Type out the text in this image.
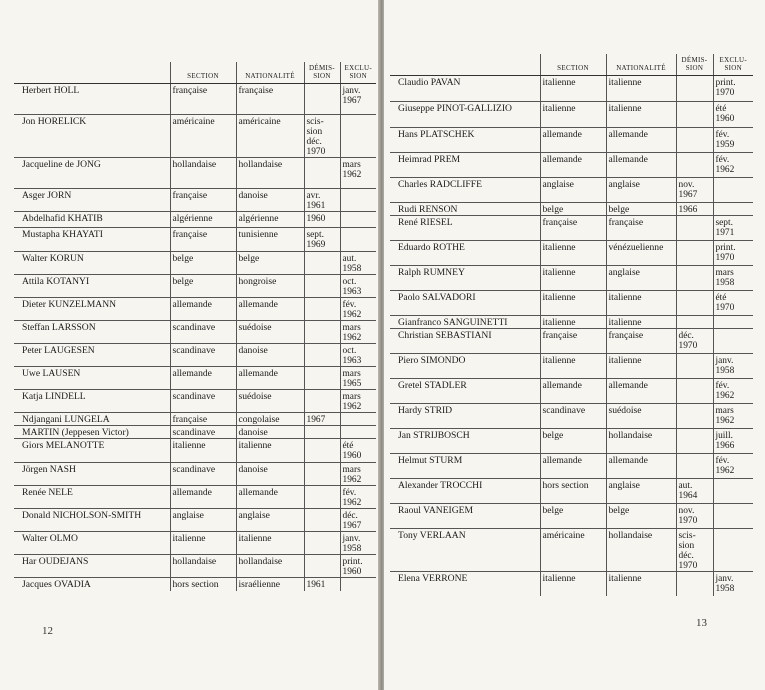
	SECTION	NATIONALITÉ	DÉMIS-
SION	EXCLU-
SION
Herbert HOLL	française	française		janv.
1967
Jon HORELICK	américaine	américaine	scis-
sion
déc.
1970	
Jacqueline de JONG	hollandaise	hollandaise		mars
1962
Asger JORN	française	danoise	avr.
1961	
Abdelhafid KHATIB	algérienne	algérienne	1960	
Mustapha KHAYATI	française	tunisienne	sept.
1969	
Walter KORUN	belge	belge		aut.
1958
Attila KOTANYI	belge	hongroise		oct.
1963
Dieter KUNZELMANN	allemande	allemande		fév.
1962
Steffan LARSSON	scandinave	suédoise		mars
1962
Peter LAUGESEN	scandinave	danoise		oct.
1963
Uwe LAUSEN	allemande	allemande		mars
1965
Katja LINDELL	scandinave	suédoise		mars
1962
Ndjangani LUNGELA	française	congolaise	1967	
MARTIN (Jeppesen Victor)	scandinave	danoise		
Giors MELANOTTE	italienne	italienne		été
1960
Jörgen NASH	scandinave	danoise		mars
1962
Renée NELE	allemande	allemande		fév.
1962
Donald NICHOLSON-SMITH	anglaise	anglaise		déc.
1967
Walter OLMO	italienne	italienne		janv.
1958
Har OUDEJANS	hollandaise	hollandaise		print.
1960
Jacques OVADIA	hors section	israélienne	1961	
12
	SECTION	NATIONALITÉ	DÉMIS-
SION	EXCLU-
SION
Claudio PAVAN	italienne	italienne		print.
1970
Giuseppe PINOT-GALLIZIO	italienne	italienne		été
1960
Hans PLATSCHEK	allemande	allemande		fév.
1959
Heimrad PREM	allemande	allemande		fév.
1962
Charles RADCLIFFE	anglaise	anglaise	nov.
1967	
Rudi RENSON	belge	belge	1966	
René RIESEL	française	française		sept.
1971
Eduardo ROTHE	italienne	vénézuelienne		print.
1970
Ralph RUMNEY	italienne	anglaise		mars
1958
Paolo SALVADORI	italienne	italienne		été
1970
Gianfranco SANGUINETTI	italienne	italienne		
Christian SEBASTIANI	française	française	déc.
1970	
Piero SIMONDO	italienne	italienne		janv.
1958
Gretel STADLER	allemande	allemande		fév.
1962
Hardy STRID	scandinave	suédoise		mars
1962
Jan STRIJBOSCH	belge	hollandaise		juill.
1966
Helmut STURM	allemande	allemande		fév.
1962
Alexander TROCCHI	hors section	anglaise	aut.
1964	
Raoul VANEIGEM	belge	belge	nov.
1970	
Tony VERLAAN	américaine	hollandaise	scis-
sion
déc.
1970	
Elena VERRONE	italienne	italienne		janv.
1958
13
